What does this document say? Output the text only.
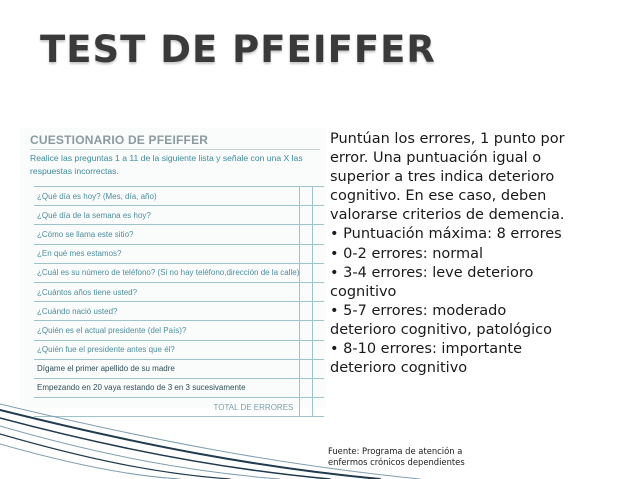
TEST DE PFEIFFER
CUESTIONARIO DE PFEIFFER
Realice las preguntas 1 a 11 de la siguiente lista y señale con una X las respuestas incorrectas.
¿Qué día es hoy? (Mes, día, año)		
¿Qué día de la semana es hoy?		
¿Cómo se llama este sitio?		
¿En qué mes estamos?		
¿Cuál es su número de teléfono? (Si no hay teléfono,dirección de la calle)		
¿Cuántos años tiene usted?		
¿Cuándo nació usted?		
¿Quién es el actual presidente (del País)?		
¿Quién fue el presidente antes que él?		
Dígame el primer apellido de su madre		
Empezando en 20 vaya restando de 3 en 3 sucesivamente		
TOTAL DE ERRORES		
Puntúan los errores, 1 punto por
error. Una puntuación igual o
superior a tres indica deterioro
cognitivo. En ese caso, deben
valorarse criterios de demencia.
• Puntuación máxima: 8 errores
• 0-2 errores: normal
• 3-4 errores: leve deterioro
cognitivo
• 5-7 errores: moderado
deterioro cognitivo, patológico
• 8-10 errores: importante
deterioro cognitivo
Fuente: Programa de atención a
enfermos crónicos dependientes
